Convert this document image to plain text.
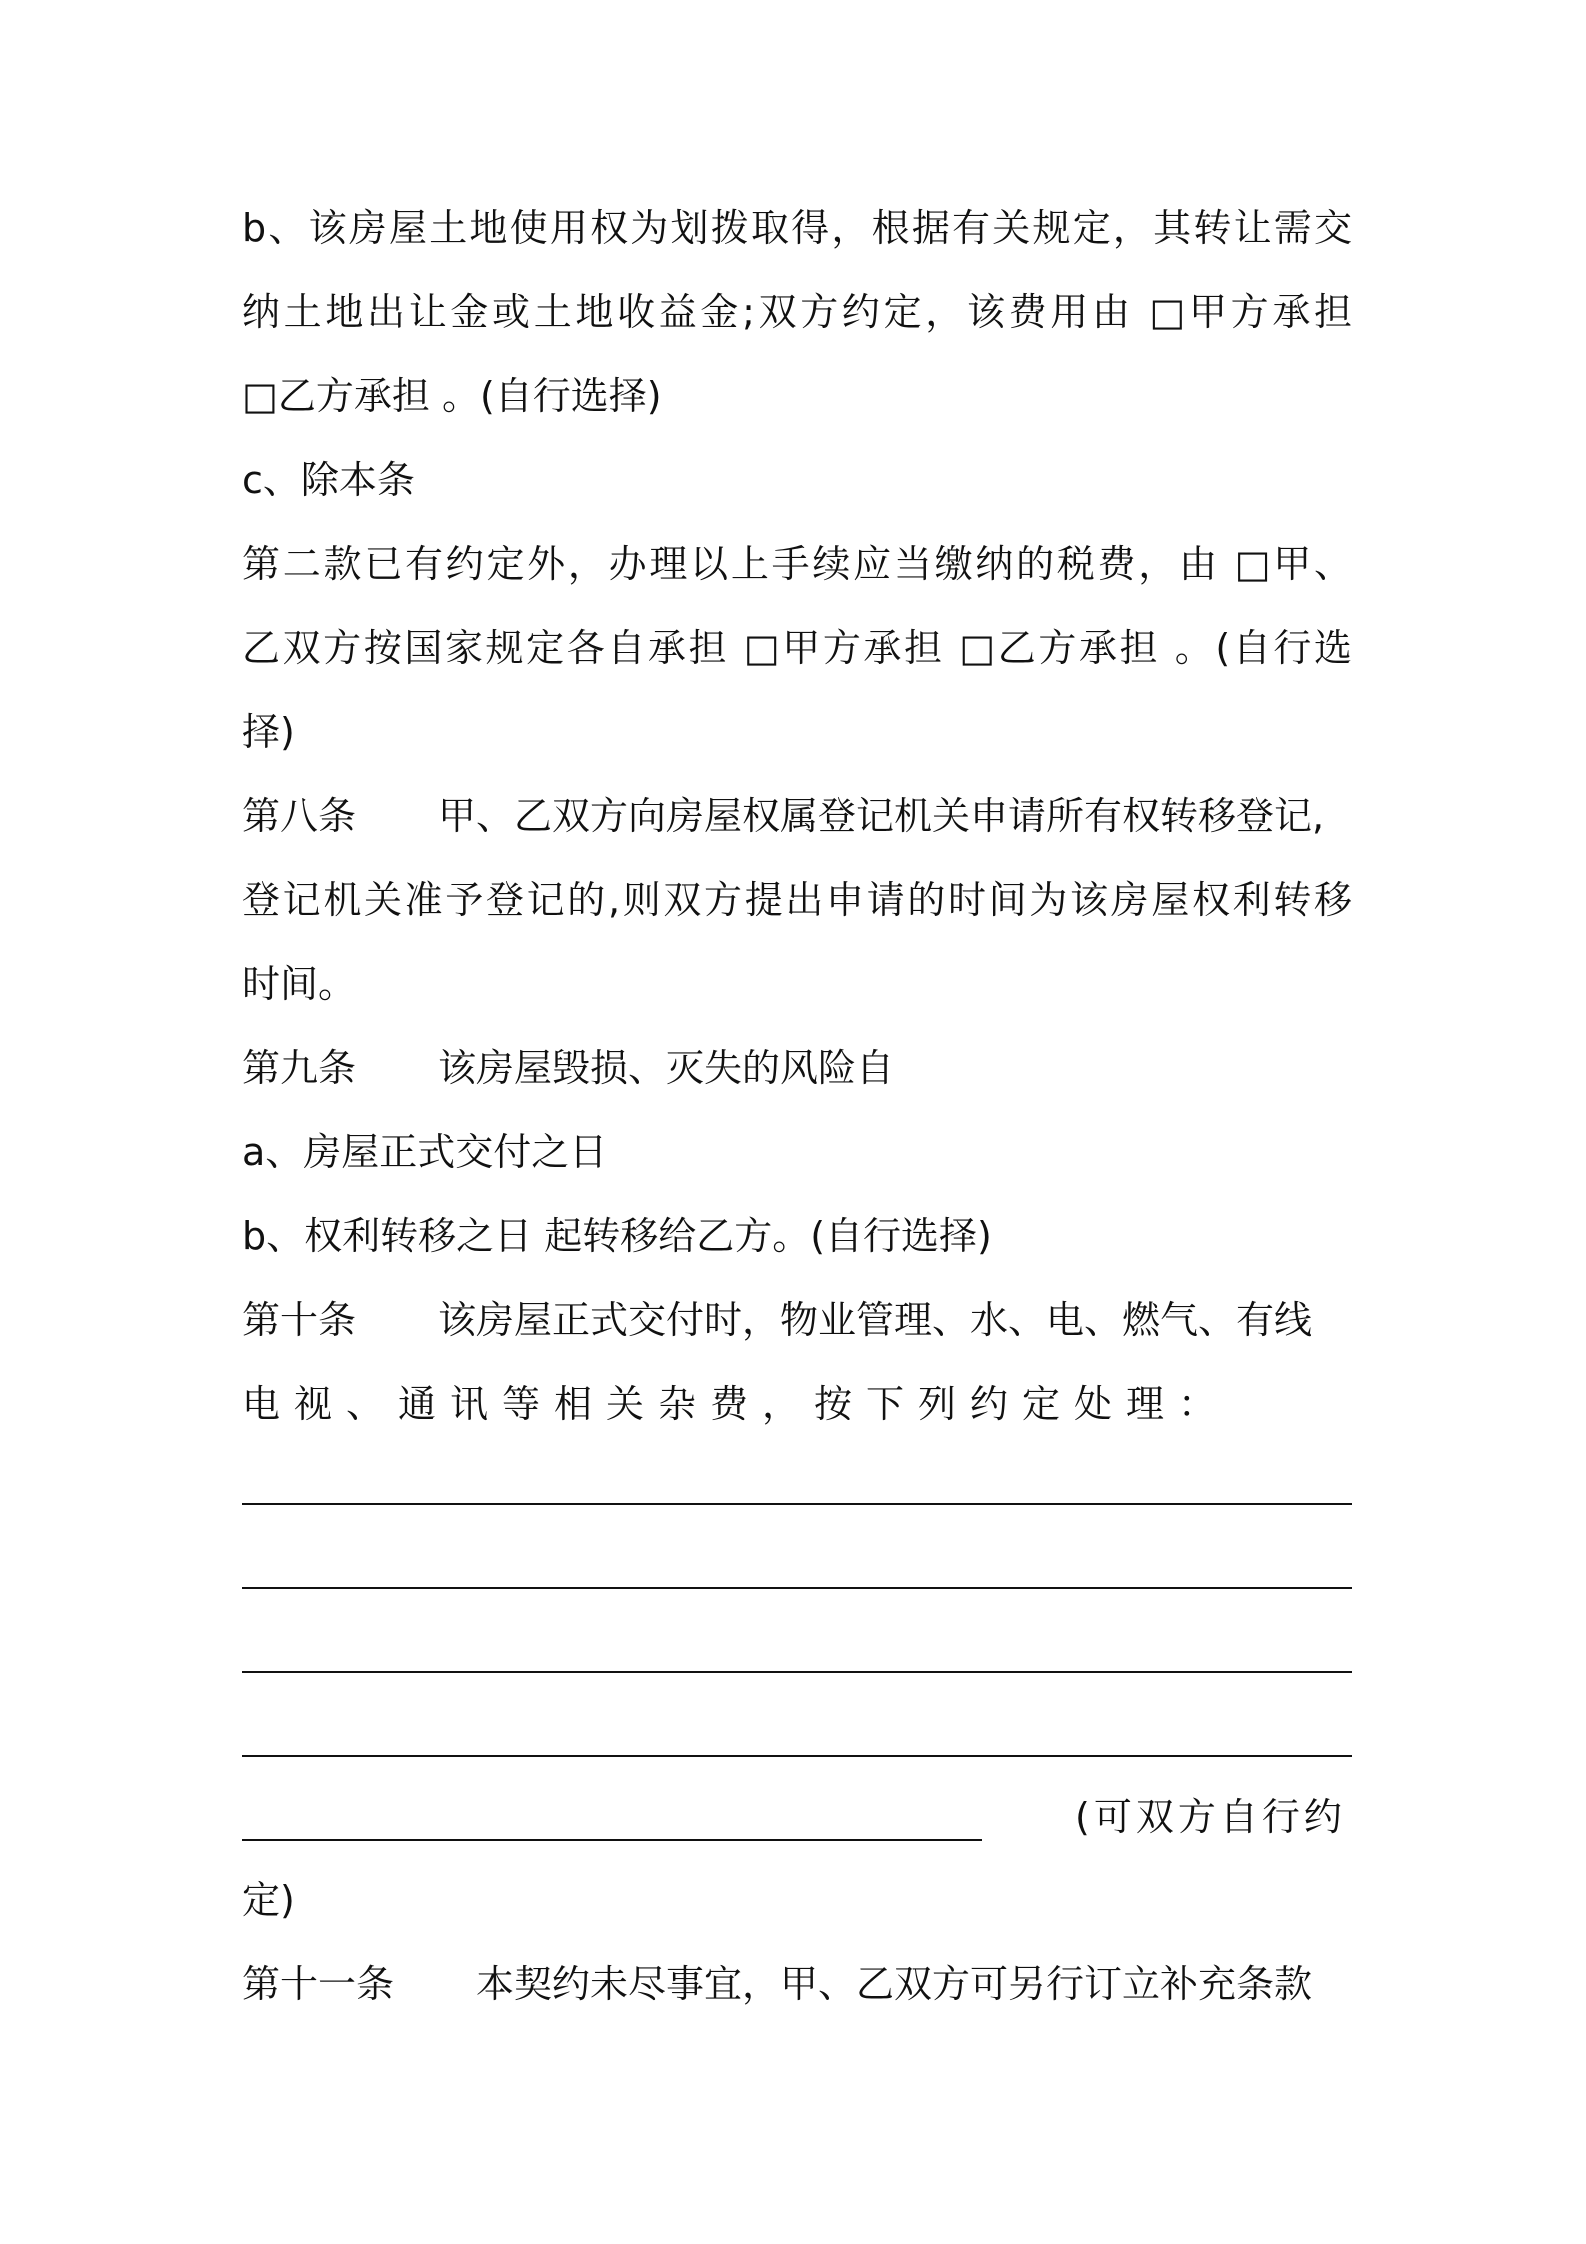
b、该房屋土地使用权为划拨取得，根据有关规定，其转让需交
纳土地出让金或土地收益金;双方约定，该费用由 □甲方承担
□乙方承担 。(自行选择)
c、除本条
第二款已有约定外，办理以上手续应当缴纳的税费，由 □甲、
乙双方按国家规定各自承担 □甲方承担 □乙方承担 。(自行选
择)
第八条 甲、乙双方向房屋权属登记机关申请所有权转移登记,
登记机关准予登记的,则双方提出申请的时间为该房屋权利转移
时间。
第九条 该房屋毁损、灭失的风险自
a、房屋正式交付之日
b、权利转移之日 起转移给乙方。(自行选择)
第十条 该房屋正式交付时，物业管理、水、电、燃气、有线
电视、通讯等相关杂费，按下列约定处理：
(可双方自行约
定)
第十一条 本契约未尽事宜，甲、乙双方可另行订立补充条款
